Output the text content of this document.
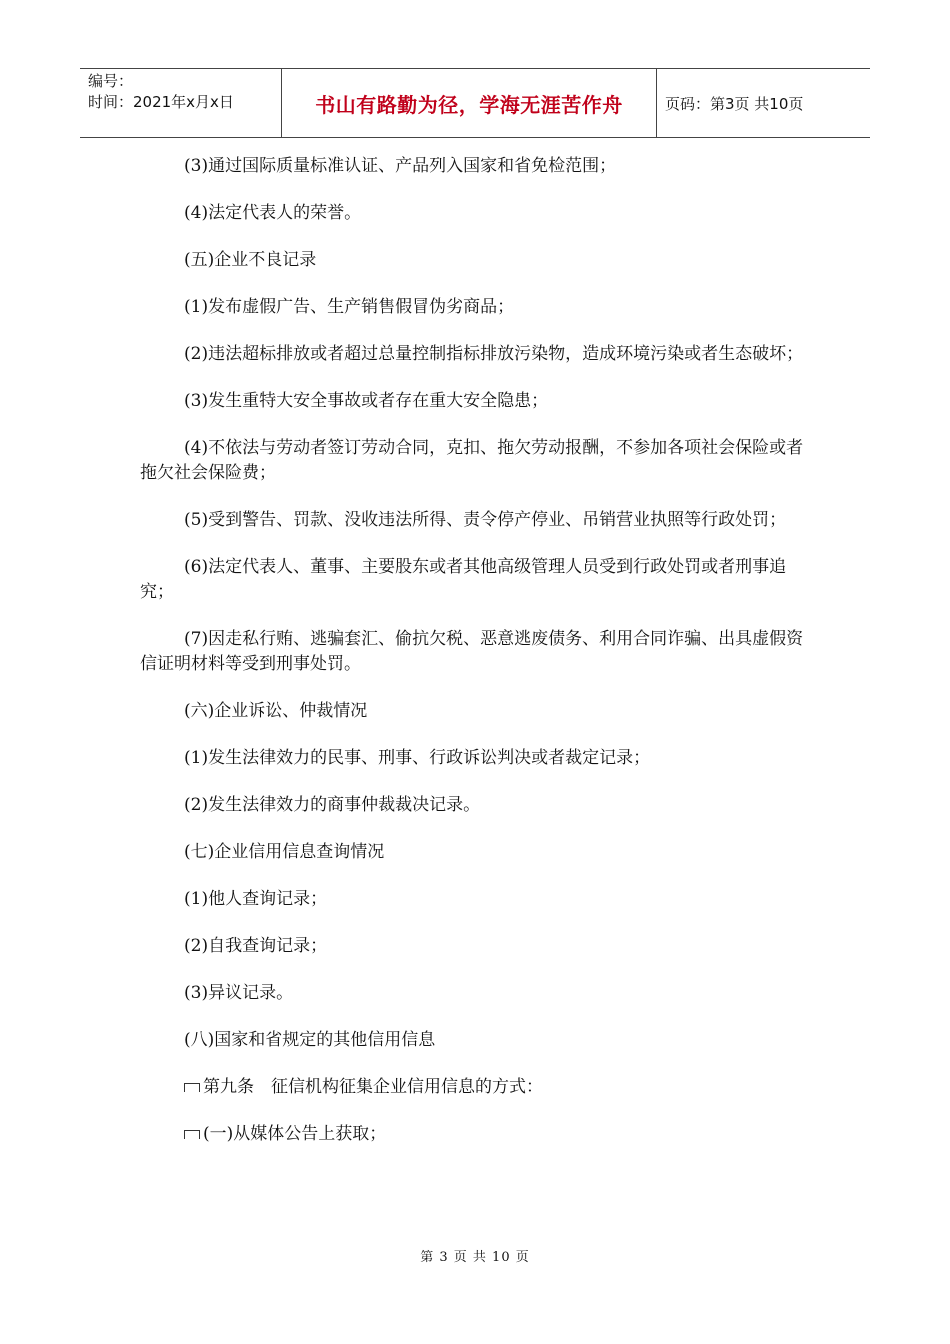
编号：
时间：2021年x月x日	书山有路勤为径，学海无涯苦作舟	页码：第3页 共10页

(3)通过国际质量标准认证、产品列入国家和省免检范围；

(4)法定代表人的荣誉。

(五)企业不良记录

(1)发布虚假广告、生产销售假冒伪劣商品；

(2)违法超标排放或者超过总量控制指标排放污染物，造成环境污染或者生态破坏；

(3)发生重特大安全事故或者存在重大安全隐患；

(4)不依法与劳动者签订劳动合同，克扣、拖欠劳动报酬，不参加各项社会保险或者拖欠社会保险费；

(5)受到警告、罚款、没收违法所得、责令停产停业、吊销营业执照等行政处罚；

(6)法定代表人、董事、主要股东或者其他高级管理人员受到行政处罚或者刑事追究；

(7)因走私行贿、逃骗套汇、偷抗欠税、恶意逃废债务、利用合同诈骗、出具虚假资信证明材料等受到刑事处罚。

(六)企业诉讼、仲裁情况

(1)发生法律效力的民事、刑事、行政诉讼判决或者裁定记录；

(2)发生法律效力的商事仲裁裁决记录。

(七)企业信用信息查询情况

(1)他人查询记录；

(2)自我查询记录；

(3)异议记录。

(八)国家和省规定的其他信用信息

第九条　征信机构征集企业信用信息的方式：

(一)从媒体公告上获取；

第 3 页 共 10 页
